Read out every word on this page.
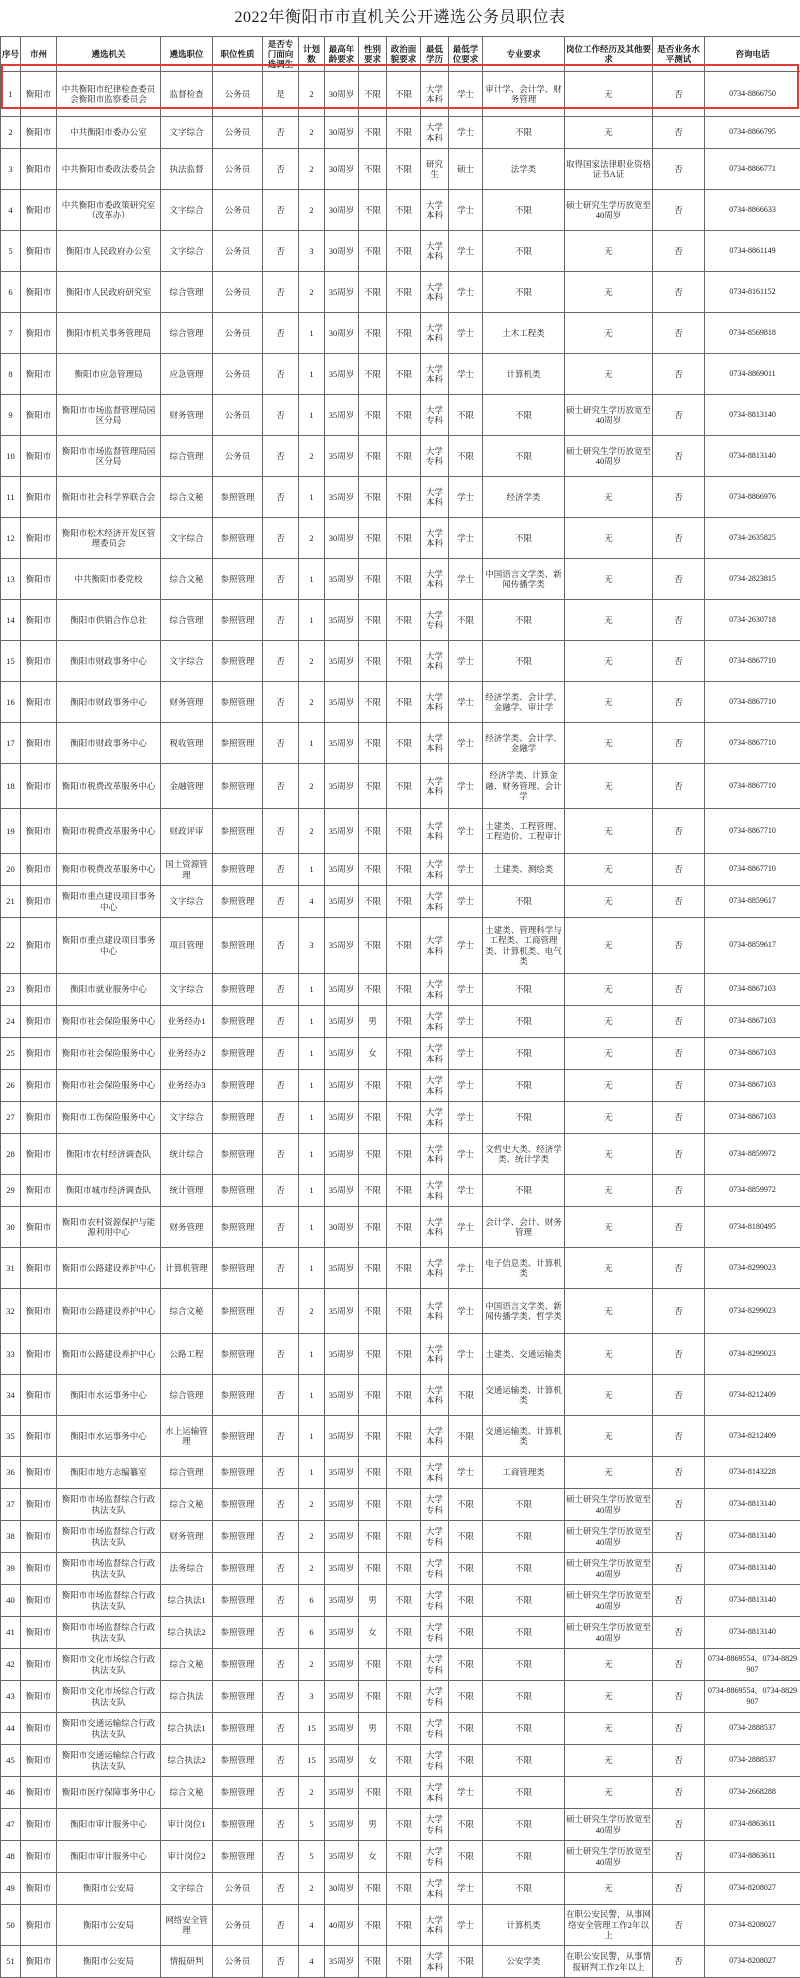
2022年衡阳市市直机关公开遴选公务员职位表
序号	市州	遴选机关	遴选职位	职位性质	是否专门面向选调生	计划数	最高年龄要求	性别要求	政治面貌要求	最低学历	最低学位要求	专业要求	岗位工作经历及其他要求	是否业务水平测试	咨询电话
1	衡阳市	中共衡阳市纪律检查委员会衡阳市监察委员会	监督检查	公务员	是	2	30周岁	不限	不限	大学本科	学士	审计学、会计学、财务管理	无	否	0734-8866750
2	衡阳市	中共衡阳市委办公室	文字综合	公务员	否	2	30周岁	不限	不限	大学本科	学士	不限	无	否	0734-8866795
3	衡阳市	中共衡阳市委政法委员会	执法监督	公务员	否	2	30周岁	不限	不限	研究生	硕士	法学类	取得国家法律职业资格证书A证	否	0734-8866771
4	衡阳市	中共衡阳市委政策研究室（改革办）	文字综合	公务员	否	2	30周岁	不限	不限	大学本科	学士	不限	硕士研究生学历放宽至40周岁	否	0734-8866633
5	衡阳市	衡阳市人民政府办公室	文字综合	公务员	否	3	30周岁	不限	不限	大学本科	学士	不限	无	否	0734-8861149
6	衡阳市	衡阳市人民政府研究室	综合管理	公务员	否	2	35周岁	不限	不限	大学本科	学士	不限	无	否	0734-8161152
7	衡阳市	衡阳市机关事务管理局	综合管理	公务员	否	1	30周岁	不限	不限	大学本科	学士	土木工程类	无	否	0734-8569818
8	衡阳市	衡阳市应急管理局	应急管理	公务员	否	1	35周岁	不限	不限	大学本科	学士	计算机类	无	否	0734-8869011
9	衡阳市	衡阳市市场监督管理局园区分局	财务管理	公务员	否	1	35周岁	不限	不限	大学专科	不限	不限	硕士研究生学历放宽至40周岁	否	0734-8813140
10	衡阳市	衡阳市市场监督管理局园区分局	综合管理	公务员	否	2	35周岁	不限	不限	大学专科	不限	不限	硕士研究生学历放宽至40周岁	否	0734-8813140
11	衡阳市	衡阳市社会科学界联合会	综合文秘	参照管理	否	1	35周岁	不限	不限	大学本科	学士	经济学类	无	否	0734-8866976
12	衡阳市	衡阳市松木经济开发区管理委员会	文字综合	参照管理	否	2	30周岁	不限	不限	大学本科	学士	不限	无	否	0734-2635825
13	衡阳市	中共衡阳市委党校	综合文秘	参照管理	否	1	35周岁	不限	不限	大学本科	学士	中国语言文学类、新闻传播学类	无	否	0734-2823815
14	衡阳市	衡阳市供销合作总社	综合管理	参照管理	否	1	35周岁	不限	不限	大学专科	不限	不限	无	否	0734-2630718
15	衡阳市	衡阳市财政事务中心	文字综合	参照管理	否	2	35周岁	不限	不限	大学本科	学士	不限	无	否	0734-8867710
16	衡阳市	衡阳市财政事务中心	财务管理	参照管理	否	2	35周岁	不限	不限	大学本科	学士	经济学类、会计学、金融学、审计学	无	否	0734-8867710
17	衡阳市	衡阳市财政事务中心	税收管理	参照管理	否	1	35周岁	不限	不限	大学本科	学士	经济学类、会计学、金融学	无	否	0734-8867710
18	衡阳市	衡阳市税费改革服务中心	金融管理	参照管理	否	2	35周岁	不限	不限	大学本科	学士	经济学类、计算金融、财务管理、会计学	无	否	0734-8867710
19	衡阳市	衡阳市税费改革服务中心	财政评审	参照管理	否	2	35周岁	不限	不限	大学本科	学士	土建类、工程管理、工程造价、工程审计	无	否	0734-8867710
20	衡阳市	衡阳市税费改革服务中心	国土资源管理	参照管理	否	1	35周岁	不限	不限	大学本科	学士	土建类、测绘类	无	否	0734-8867710
21	衡阳市	衡阳市重点建设项目事务中心	文字综合	参照管理	否	4	35周岁	不限	不限	大学本科	学士	不限	无	否	0734-8859617
22	衡阳市	衡阳市重点建设项目事务中心	项目管理	参照管理	否	3	35周岁	不限	不限	大学本科	学士	土建类、管理科学与工程类、工商管理类、计算机类、电气类	无	否	0734-8859617
23	衡阳市	衡阳市就业服务中心	文字综合	参照管理	否	1	35周岁	不限	不限	大学本科	学士	不限	无	否	0734-8867103
24	衡阳市	衡阳市社会保险服务中心	业务经办1	参照管理	否	1	35周岁	男	不限	大学本科	学士	不限	无	否	0734-8867103
25	衡阳市	衡阳市社会保险服务中心	业务经办2	参照管理	否	1	35周岁	女	不限	大学本科	学士	不限	无	否	0734-8867103
26	衡阳市	衡阳市社会保险服务中心	业务经办3	参照管理	否	1	35周岁	不限	不限	大学本科	学士	不限	无	否	0734-8867103
27	衡阳市	衡阳市工伤保险服务中心	文字综合	参照管理	否	1	35周岁	不限	不限	大学本科	学士	不限	无	否	0734-8867103
28	衡阳市	衡阳市农村经济调查队	统计综合	参照管理	否	1	35周岁	不限	不限	大学本科	学士	文哲史大类、经济学类、统计学类	无	否	0734-8859972
29	衡阳市	衡阳市城市经济调查队	统计管理	参照管理	否	1	35周岁	不限	不限	大学本科	学士	不限	无	否	0734-8859972
30	衡阳市	衡阳市农村资源保护与能源利用中心	财务管理	参照管理	否	1	30周岁	不限	不限	大学本科	学士	会计学、会计、财务管理	无	否	0734-8180495
31	衡阳市	衡阳市公路建设养护中心	计算机管理	参照管理	否	1	35周岁	不限	不限	大学本科	学士	电子信息类、计算机类	无	否	0734-8299023
32	衡阳市	衡阳市公路建设养护中心	综合文秘	参照管理	否	2	35周岁	不限	不限	大学本科	学士	中国语言文学类、新闻传播学类、哲学类	无	否	0734-8299023
33	衡阳市	衡阳市公路建设养护中心	公路工程	参照管理	否	1	35周岁	不限	不限	大学本科	学士	土建类、交通运输类	无	否	0734-8299023
34	衡阳市	衡阳市水运事务中心	综合管理	参照管理	否	1	35周岁	不限	不限	大学本科	不限	交通运输类、计算机类	无	否	0734-8212409
35	衡阳市	衡阳市水运事务中心	水上运输管理	参照管理	否	1	35周岁	不限	不限	大学本科	不限	交通运输类、计算机类	无	否	0734-8212409
36	衡阳市	衡阳市地方志编纂室	综合管理	参照管理	否	1	35周岁	不限	不限	大学本科	学士	工商管理类	无	否	0734-8143228
37	衡阳市	衡阳市市场监督综合行政执法支队	综合文秘	参照管理	否	2	35周岁	不限	不限	大学专科	不限	不限	硕士研究生学历放宽至40周岁	否	0734-8813140
38	衡阳市	衡阳市市场监督综合行政执法支队	财务管理	参照管理	否	2	35周岁	不限	不限	大学专科	不限	不限	硕士研究生学历放宽至40周岁	否	0734-8813140
39	衡阳市	衡阳市市场监督综合行政执法支队	法务综合	参照管理	否	2	35周岁	不限	不限	大学专科	不限	不限	硕士研究生学历放宽至40周岁	否	0734-8813140
40	衡阳市	衡阳市市场监督综合行政执法支队	综合执法1	参照管理	否	6	35周岁	男	不限	大学专科	不限	不限	硕士研究生学历放宽至40周岁	否	0734-8813140
41	衡阳市	衡阳市市场监督综合行政执法支队	综合执法2	参照管理	否	6	35周岁	女	不限	大学专科	不限	不限	硕士研究生学历放宽至40周岁	否	0734-8813140
42	衡阳市	衡阳市文化市场综合行政执法支队	综合文秘	参照管理	否	2	35周岁	不限	不限	大学专科	不限	不限	无	否	0734-8869554、0734-8829907
43	衡阳市	衡阳市文化市场综合行政执法支队	综合执法	参照管理	否	3	35周岁	不限	不限	大学专科	不限	不限	无	否	0734-8869554、0734-8829907
44	衡阳市	衡阳市交通运输综合行政执法支队	综合执法1	参照管理	否	15	35周岁	男	不限	大学专科	不限	不限	无	否	0734-2888537
45	衡阳市	衡阳市交通运输综合行政执法支队	综合执法2	参照管理	否	15	35周岁	女	不限	大学专科	不限	不限	无	否	0734-2888537
46	衡阳市	衡阳市医疗保障事务中心	综合文秘	参照管理	否	2	35周岁	不限	不限	大学本科	学士	不限	无	否	0734-2668288
47	衡阳市	衡阳市审计服务中心	审计岗位1	参照管理	否	5	35周岁	男	不限	大学专科	不限	不限	硕士研究生学历放宽至40周岁	否	0734-8863611
48	衡阳市	衡阳市审计服务中心	审计岗位2	参照管理	否	5	35周岁	女	不限	大学专科	不限	不限	硕士研究生学历放宽至40周岁	否	0734-8863611
49	衡阳市	衡阳市公安局	文字综合	公务员	否	2	30周岁	不限	不限	大学本科	学士	不限	无	否	0734-8208027
50	衡阳市	衡阳市公安局	网络安全管理	公务员	否	4	40周岁	不限	不限	大学本科	学士	计算机类	在职公安民警，从事网络安全管理工作2年以上	否	0734-8208027
51	衡阳市	衡阳市公安局	情报研判	公务员	否	4	35周岁	不限	不限	大学本科	不限	公安学类	在职公安民警，从事情报研判工作2年以上	否	0734-8208027
